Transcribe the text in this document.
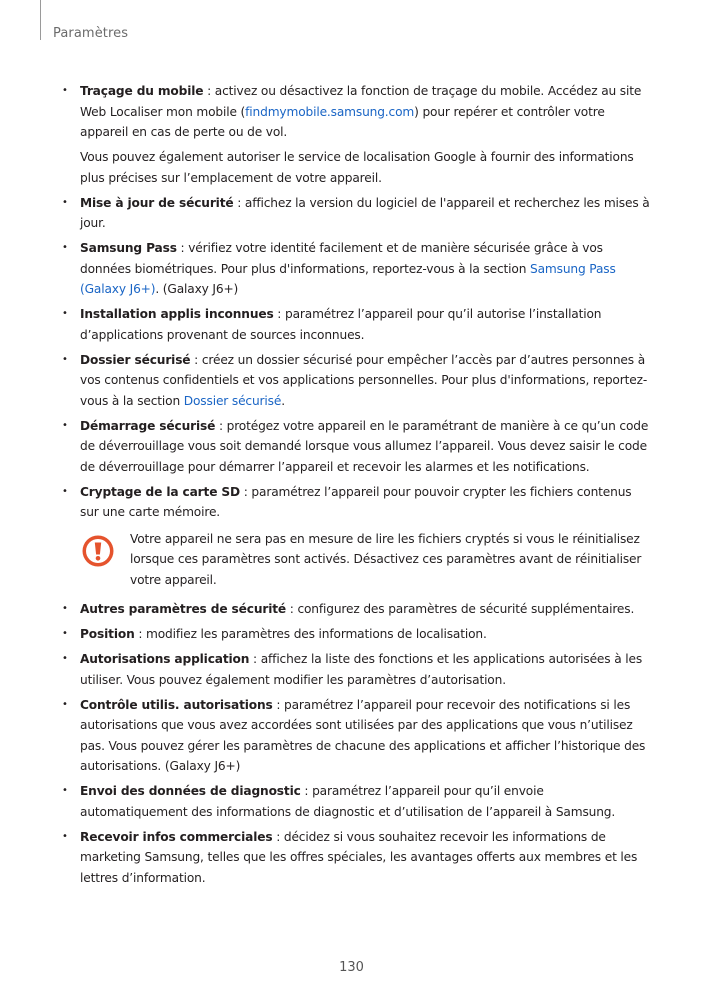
Paramètres
• Traçage du mobile : activez ou désactivez la fonction de traçage du mobile. Accédez au site Web Localiser mon mobile (findmymobile.samsung.com) pour repérer et contrôler votre appareil en cas de perte ou de vol.
Vous pouvez également autoriser le service de localisation Google à fournir des informations plus précises sur l’emplacement de votre appareil.
• Mise à jour de sécurité : affichez la version du logiciel de l'appareil et recherchez les mises à jour.
• Samsung Pass : vérifiez votre identité facilement et de manière sécurisée grâce à vos données biométriques. Pour plus d'informations, reportez-vous à la section Samsung Pass (Galaxy J6+). (Galaxy J6+)
• Installation applis inconnues : paramétrez l’appareil pour qu’il autorise l’installation d’applications provenant de sources inconnues.
• Dossier sécurisé : créez un dossier sécurisé pour empêcher l’accès par d’autres personnes à vos contenus confidentiels et vos applications personnelles. Pour plus d'informations, reportez-vous à la section Dossier sécurisé.
• Démarrage sécurisé : protégez votre appareil en le paramétrant de manière à ce qu’un code de déverrouillage vous soit demandé lorsque vous allumez l’appareil. Vous devez saisir le code de déverrouillage pour démarrer l’appareil et recevoir les alarmes et les notifications.
• Cryptage de la carte SD : paramétrez l’appareil pour pouvoir crypter les fichiers contenus sur une carte mémoire.
Votre appareil ne sera pas en mesure de lire les fichiers cryptés si vous le réinitialisez lorsque ces paramètres sont activés. Désactivez ces paramètres avant de réinitialiser votre appareil.
• Autres paramètres de sécurité : configurez des paramètres de sécurité supplémentaires.
• Position : modifiez les paramètres des informations de localisation.
• Autorisations application : affichez la liste des fonctions et les applications autorisées à les utiliser. Vous pouvez également modifier les paramètres d’autorisation.
• Contrôle utilis. autorisations : paramétrez l’appareil pour recevoir des notifications si les autorisations que vous avez accordées sont utilisées par des applications que vous n’utilisez pas. Vous pouvez gérer les paramètres de chacune des applications et afficher l’historique des autorisations. (Galaxy J6+)
• Envoi des données de diagnostic : paramétrez l’appareil pour qu’il envoie automatiquement des informations de diagnostic et d’utilisation de l’appareil à Samsung.
• Recevoir infos commerciales : décidez si vous souhaitez recevoir les informations de marketing Samsung, telles que les offres spéciales, les avantages offerts aux membres et les lettres d’information.
130
